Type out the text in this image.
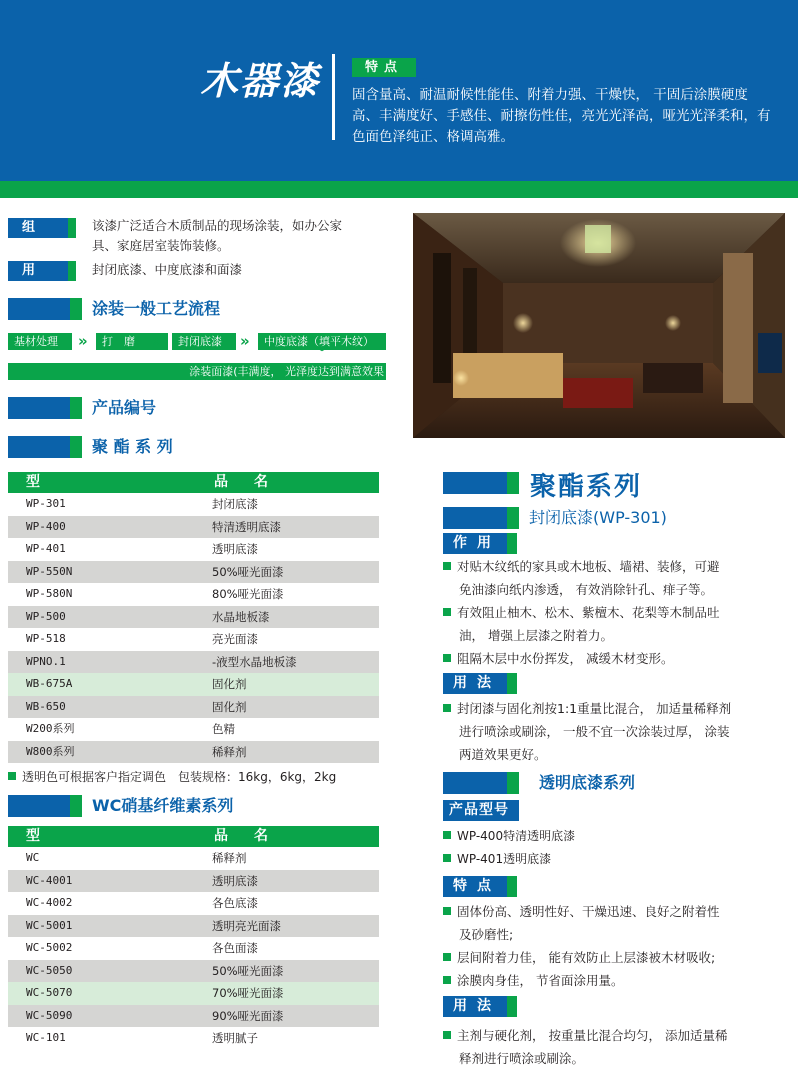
木器漆	特点
固含量高、耐温耐候性能佳、附着力强、干燥快， 干固后涂膜硬度高、丰满度好、手感佳、耐擦伤性佳，亮光光泽高，哑光光泽柔和，有色面色泽纯正、格调高雅。
组成
该漆广泛适合木质制品的现场涂装，如办公家
具、家庭居室装饰装修。
用途
封闭底漆、中度底漆和面漆
涂装一般工艺流程
基材处理	»	打　磨	»	封闭底漆	»	中度底漆（填平木纹）
︾
涂装面漆(丰满度， 光泽度达到满意效果
产品编号
聚 酯 系 列
型	品名
WP-301	封闭底漆
WP-400	特清透明底漆
WP-401	透明底漆
WP-550N	50%哑光面漆
WP-580N	80%哑光面漆
WP-500	水晶地板漆
WP-518	亮光面漆
WPNO.1	-液型水晶地板漆
WB-675A	固化剂
WB-650	固化剂
W200系列	色精
W800系列	稀释剂
透明色可根据客户指定调色　包装规格：16kg，6kg，2kg
WC硝基纤维素系列
型	品名
WC	稀释剂
WC-4001	透明底漆
WC-4002	各色底漆
WC-5001	透明亮光面漆
WC-5002	各色面漆
WC-5050	50%哑光面漆
WC-5070	70%哑光面漆
WC-5090	90%哑光面漆
WC-101	透明腻子
聚酯系列
封闭底漆(WP-301)
作用
对贴木纹纸的家具或木地板、墙裙、装修，可避
免油漆向纸内渗透， 有效消除针孔、痱子等。
有效阻止柚木、松木、紫檀木、花梨等木制品吐
油， 增强上层漆之附着力。
阻隔木层中水份挥发， 减缓木材变形。
用法
封闭漆与固化剂按1:1重量比混合， 加适量稀释剂
进行喷涂或刷涂， 一般不宜一次涂装过厚， 涂装
两道效果更好。
透明底漆系列
产品型号
WP-400特清透明底漆
WP-401透明底漆
特点
固体份高、透明性好、干燥迅速、良好之附着性
及砂磨性;
层间附着力佳， 能有效防止上层漆被木材吸收;
涂膜肉身佳， 节省面涂用量。
用法
主剂与硬化剂， 按重量比混合均匀， 添加适量稀
释剂进行喷涂或刷涂。
